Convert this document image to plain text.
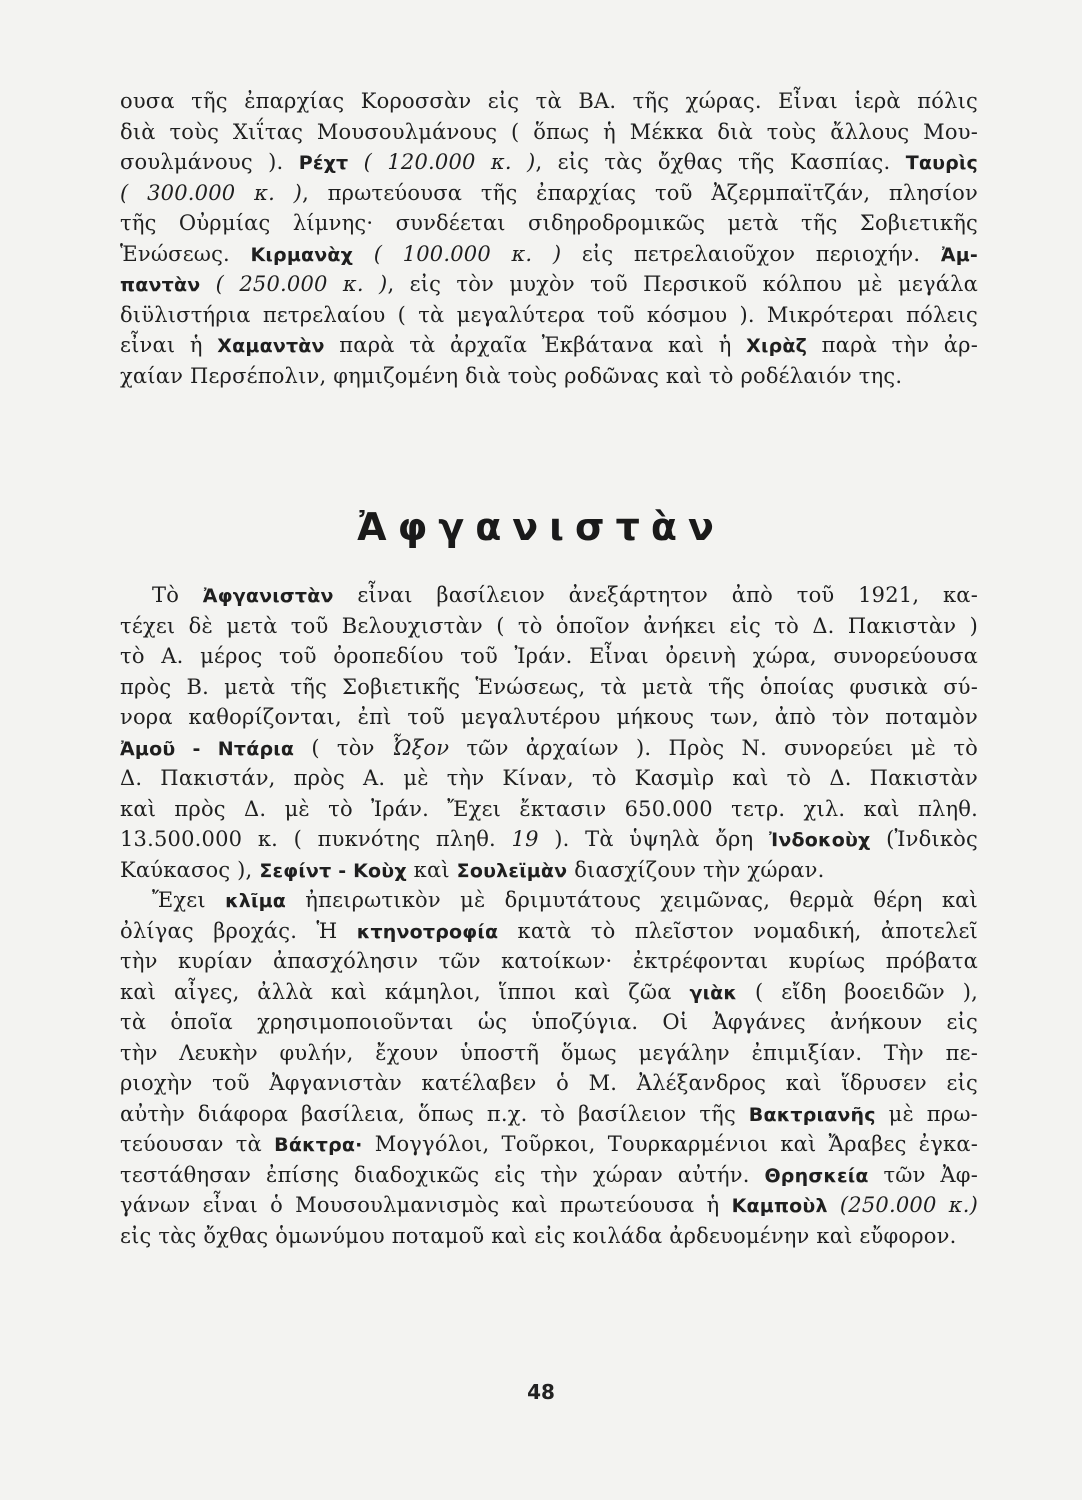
ουσα τῆς ἐπαρχίας Κοροσσὰν εἰς τὰ ΒΑ. τῆς χώρας. Εἶναι ἱερὰ πόλις
διὰ τοὺς Χιΐτας Μουσουλμάνους ( ὅπως ἡ Μέκκα διὰ τοὺς ἄλλους Μου-
σουλμάνους ). Ρέχτ ( 120.000 κ. ), εἰς τὰς ὄχθας τῆς Κασπίας. Ταυρὶς
( 300.000 κ. ), πρωτεύουσα τῆς ἐπαρχίας τοῦ Ἀζερμπαϊτζάν, πλησίον
τῆς Οὐρμίας λίμνης· συνδέεται σιδηροδρομικῶς μετὰ τῆς Σοβιετικῆς
Ἑνώσεως. Κιρμανὰχ ( 100.000 κ. ) εἰς πετρελαιοῦχον περιοχήν. Ἀμ-
παντὰν ( 250.000 κ. ), εἰς τὸν μυχὸν τοῦ Περσικοῦ κόλπου μὲ μεγάλα
διϋλιστήρια πετρελαίου ( τὰ μεγαλύτερα τοῦ κόσμου ). Μικρότεραι πόλεις
εἶναι ἡ Χαμαντὰν παρὰ τὰ ἀρχαῖα Ἐκβάτανα καὶ ἡ Χιρὰζ παρὰ τὴν ἀρ-
χαίαν Περσέπολιν, φημιζομένη διὰ τοὺς ροδῶνας καὶ τὸ ροδέλαιόν της.
Ἀφγανιστὰν
Τὸ Ἀφγανιστὰν εἶναι βασίλειον ἀνεξάρτητον ἀπὸ τοῦ 1921, κα-
τέχει δὲ μετὰ τοῦ Βελουχιστὰν ( τὸ ὁποῖον ἀνήκει εἰς τὸ Δ. Πακιστὰν )
τὸ Α. μέρος τοῦ ὀροπεδίου τοῦ Ἰράν. Εἶναι ὀρεινὴ χώρα, συνορεύουσα
πρὸς Β. μετὰ τῆς Σοβιετικῆς Ἑνώσεως, τὰ μετὰ τῆς ὁποίας φυσικὰ σύ-
νορα καθορίζονται, ἐπὶ τοῦ μεγαλυτέρου μήκους των, ἀπὸ τὸν ποταμὸν
Ἀμοῦ - Ντάρια ( τὸν Ὦξον τῶν ἀρχαίων ). Πρὸς Ν. συνορεύει μὲ τὸ
Δ. Πακιστάν, πρὸς Α. μὲ τὴν Κίναν, τὸ Κασμὶρ καὶ τὸ Δ. Πακιστὰν
καὶ πρὸς Δ. μὲ τὸ Ἰράν. Ἔχει ἔκτασιν 650.000 τετρ. χιλ. καὶ πληθ.
13.500.000 κ. ( πυκνότης πληθ. 19 ). Τὰ ὑψηλὰ ὄρη Ἰνδοκοὺχ (Ἰνδικὸς
Καύκασος ), Σεφίντ - Κοὺχ καὶ Σουλεϊμὰν διασχίζουν τὴν χώραν.
Ἔχει κλῖμα ἠπειρωτικὸν μὲ δριμυτάτους χειμῶνας, θερμὰ θέρη καὶ
ὀλίγας βροχάς. Ἡ κτηνοτροφία κατὰ τὸ πλεῖστον νομαδική, ἀποτελεῖ
τὴν κυρίαν ἀπασχόλησιν τῶν κατοίκων· ἐκτρέφονται κυρίως πρόβατα
καὶ αἶγες, ἀλλὰ καὶ κάμηλοι, ἵπποι καὶ ζῶα γιὰκ ( εἴδη βοοειδῶν ),
τὰ ὁποῖα χρησιμοποιοῦνται ὡς ὑποζύγια. Οἱ Ἀφγάνες ἀνήκουν εἰς
τὴν Λευκὴν φυλήν, ἔχουν ὑποστῆ ὅμως μεγάλην ἐπιμιξίαν. Τὴν πε-
ριοχὴν τοῦ Ἀφγανιστὰν κατέλαβεν ὁ Μ. Ἀλέξανδρος καὶ ἵδρυσεν εἰς
αὐτὴν διάφορα βασίλεια, ὅπως π.χ. τὸ βασίλειον τῆς Βακτριανῆς μὲ πρω-
τεύουσαν τὰ Βάκτρα· Μογγόλοι, Τοῦρκοι, Τουρκαρμένιοι καὶ Ἄραβες ἐγκα-
τεστάθησαν ἐπίσης διαδοχικῶς εἰς τὴν χώραν αὐτήν. Θρησκεία τῶν Ἀφ-
γάνων εἶναι ὁ Μουσουλμανισμὸς καὶ πρωτεύουσα ἡ Καμποὺλ (250.000 κ.)
εἰς τὰς ὄχθας ὁμωνύμου ποταμοῦ καὶ εἰς κοιλάδα ἀρδευομένην καὶ εὔφορον.
48
